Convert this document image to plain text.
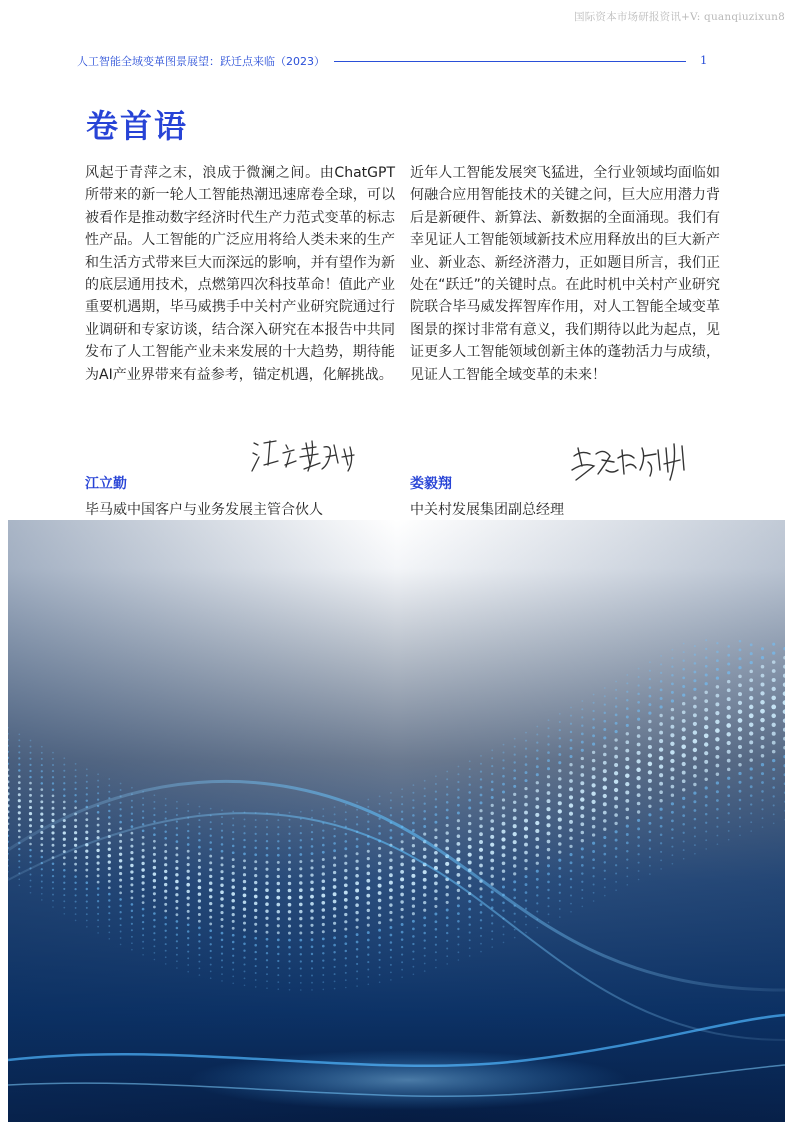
国际资本市场研报资讯+V: quanqiuzixun8
人工智能全域变革图景展望：跃迁点来临（2023）	1
卷首语

风起于青萍之末，浪成于微澜之间。由ChatGPT所带来的新一轮人工智能热潮迅速席卷全球，可以被看作是推动数字经济时代生产力范式变革的标志性产品。人工智能的广泛应用将给人类未来的生产和生活方式带来巨大而深远的影响，并有望作为新的底层通用技术，点燃第四次科技革命！值此产业重要机遇期，毕马威携手中关村产业研究院通过行业调研和专家访谈，结合深入研究在本报告中共同发布了人工智能产业未来发展的十大趋势，期待能为AI产业界带来有益参考，锚定机遇，化解挑战。

近年人工智能发展突飞猛进，全行业领域均面临如何融合应用智能技术的关键之问，巨大应用潜力背后是新硬件、新算法、新数据的全面涌现。我们有幸见证人工智能领域新技术应用释放出的巨大新产业、新业态、新经济潜力，正如题目所言，我们正处在“跃迁”的关键时点。在此时机中关村产业研究院联合毕马威发挥智库作用，对人工智能全域变革图景的探讨非常有意义，我们期待以此为起点，见证更多人工智能领域创新主体的蓬勃活力与成绩，见证人工智能全域变革的未来！

江立勤
毕马威中国客户与业务发展主管合伙人
娄毅翔
中关村发展集团副总经理
